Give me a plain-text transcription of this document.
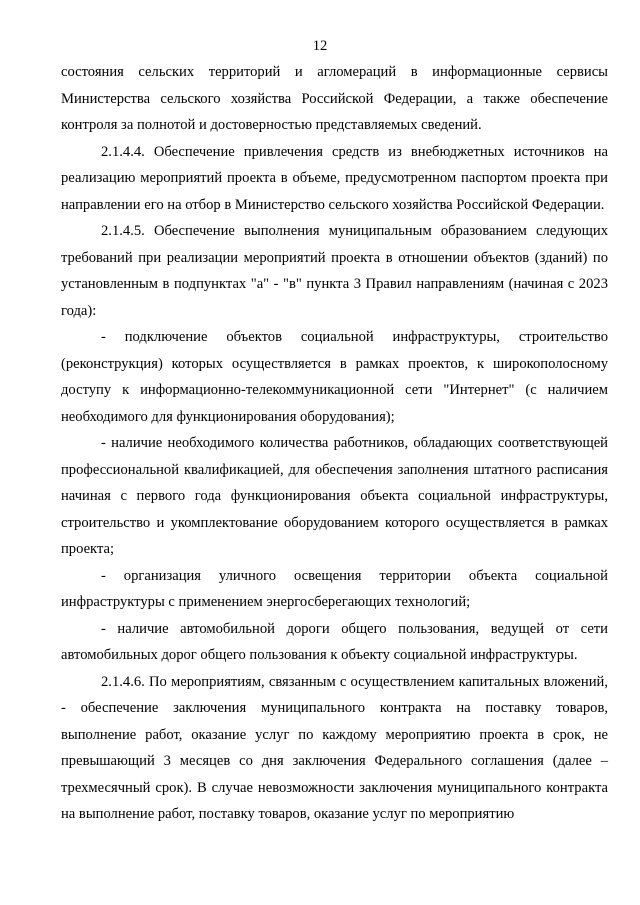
12

состояния сельских территорий и агломераций в информационные сервисы Министерства сельского хозяйства Российской Федерации, а также обеспечение контроля за полнотой и достоверностью представляемых сведений.

2.1.4.4. Обеспечение привлечения средств из внебюджетных источников на реализацию мероприятий проекта в объеме, предусмотренном паспортом проекта при направлении его на отбор в Министерство сельского хозяйства Российской Федерации.

2.1.4.5. Обеспечение выполнения муниципальным образованием следующих требований при реализации мероприятий проекта в отношении объектов (зданий) по установленным в подпунктах "а" - "в" пункта 3 Правил направлениям (начиная с 2023 года):

- подключение объектов социальной инфраструктуры, строительство (реконструкция) которых осуществляется в рамках проектов, к широкополосному доступу к информационно-телекоммуникационной сети "Интернет" (с наличием необходимого для функционирования оборудования);

- наличие необходимого количества работников, обладающих соответствующей профессиональной квалификацией, для обеспечения заполнения штатного расписания начиная с первого года функционирования объекта социальной инфраструктуры, строительство и укомплектование оборудованием которого осуществляется в рамках проекта;

- организация уличного освещения территории объекта социальной инфраструктуры с применением энергосберегающих технологий;

- наличие автомобильной дороги общего пользования, ведущей от сети автомобильных дорог общего пользования к объекту социальной инфраструктуры.

2.1.4.6. По мероприятиям, связанным с осуществлением капитальных вложений, - обеспечение заключения муниципального контракта на поставку товаров, выполнение работ, оказание услуг по каждому мероприятию проекта в срок, не превышающий 3 месяцев со дня заключения Федерального соглашения (далее – трехмесячный срок). В случае невозможности заключения муниципального контракта на выполнение работ, поставку товаров, оказание услуг по мероприятию
